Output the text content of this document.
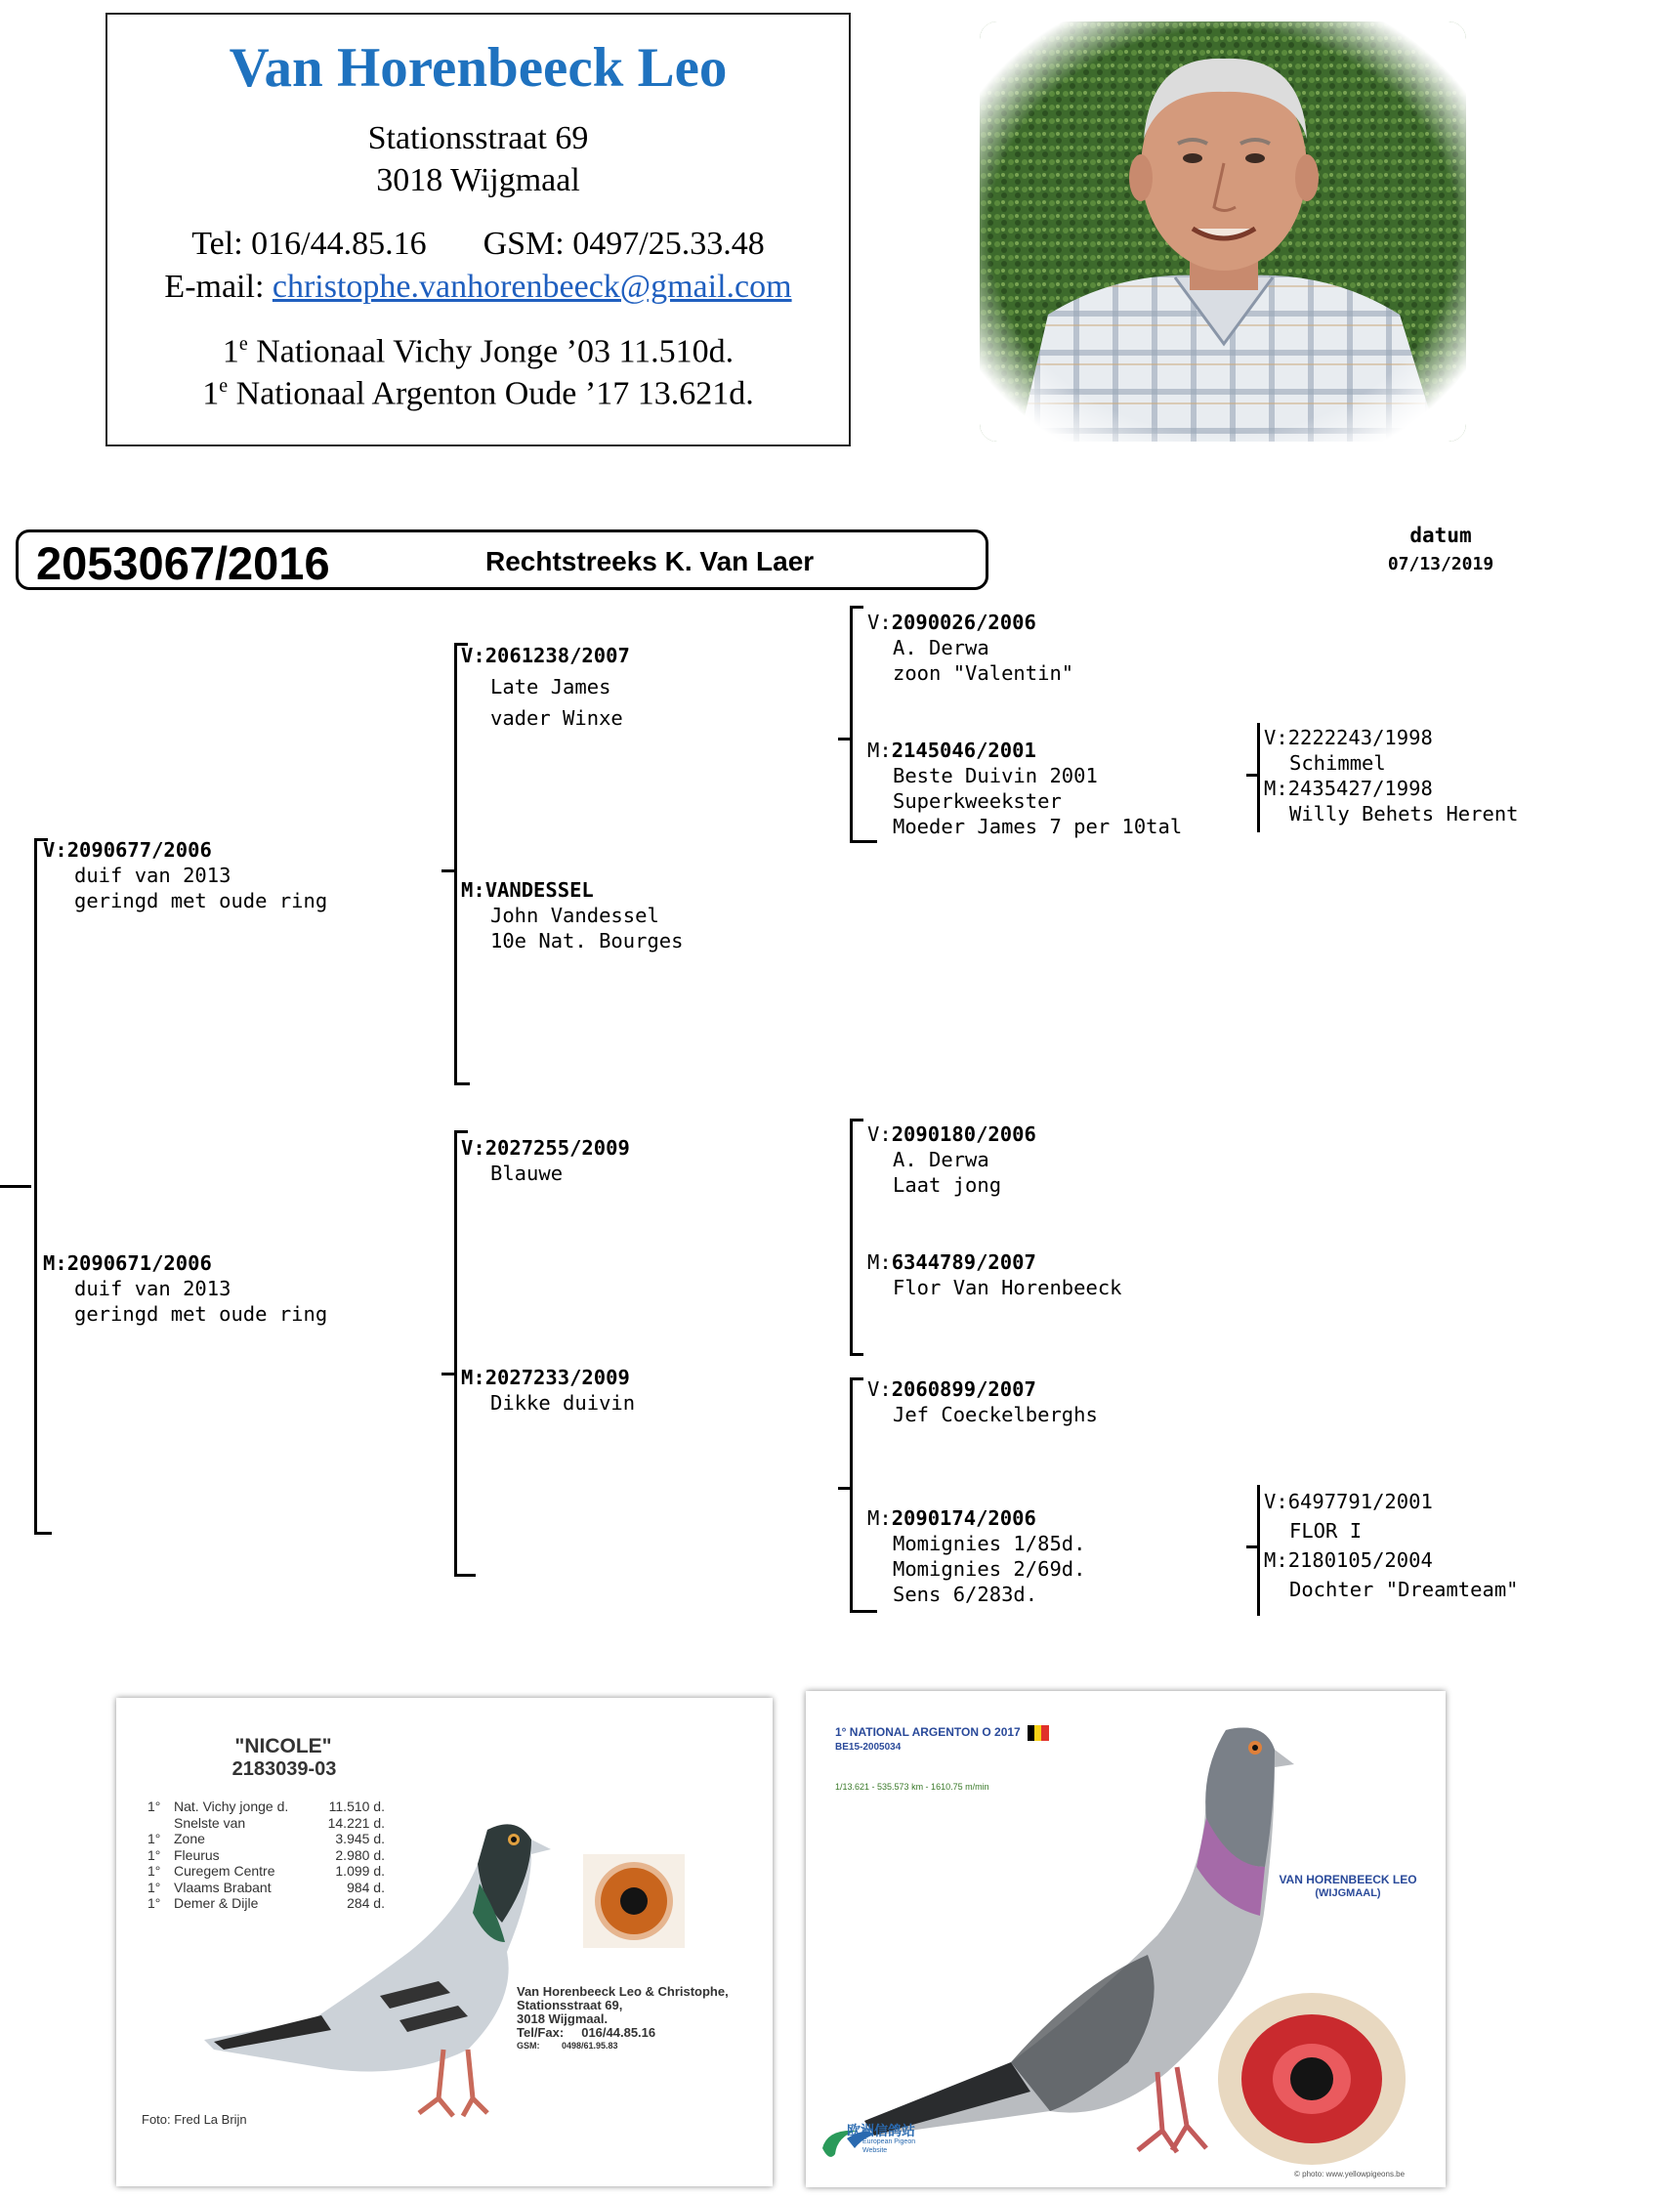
Van Horenbeeck Leo
Stationsstraat 69
3018 Wijgmaal
Tel: 016/44.85.16 GSM: 0497/25.33.48
E-mail: christophe.vanhorenbeeck@gmail.com
1e Nationaal Vichy Jonge ’03 11.510d.
1e Nationaal Argenton Oude ’17 13.621d.
2053067/2016	Rechtstreeks K. Van Laer
datum
07/13/2019
V:2090677/2006
duif van 2013
geringd met oude ring
M:2090671/2006
duif van 2013
geringd met oude ring
V:2061238/2007
Late James
vader Winxe
M:VANDESSEL
John Vandessel
10e Nat. Bourges
V:2027255/2009
Blauwe
M:2027233/2009
Dikke duivin
V:2090026/2006
A. Derwa
zoon "Valentin"
M:2145046/2001
Beste Duivin 2001
Superkweekster
Moeder James 7 per 10tal
V:2090180/2006
A. Derwa
Laat jong
M:6344789/2007
Flor Van Horenbeeck
V:2060899/2007
Jef Coeckelberghs
M:2090174/2006
Momignies 1/85d.
Momignies 2/69d.
Sens 6/283d.
V:2222243/1998
Schimmel
M:2435427/1998
Willy Behets Herent
V:6497791/2001
FLOR I
M:2180105/2004
Dochter "Dreamteam"
"NICOLE"
2183039-03
1° Nat. Vichy jonge d.	11.510 d.
Snelste van	14.221 d.
1° Zone	3.945 d.
1° Fleurus	2.980 d.
1° Curegem Centre	1.099 d.
1° Vlaams Brabant	984 d.
1° Demer & Dijle	284 d.
Van Horenbeeck Leo & Christophe,
Stationsstraat 69,
3018 Wijgmaal.
Tel/Fax:     016/44.85.16
GSM:         0498/61.95.83
Foto: Fred La Brijn
1° NATIONAL ARGENTON O 2017
BE15-2005034
1/13.621 - 535.573 km - 1610.75 m/min
VAN HORENBEECK LEO
(WIJGMAAL)
欧洲信鸽站
European Pigeon
Website
© photo: www.yellowpigeons.be
